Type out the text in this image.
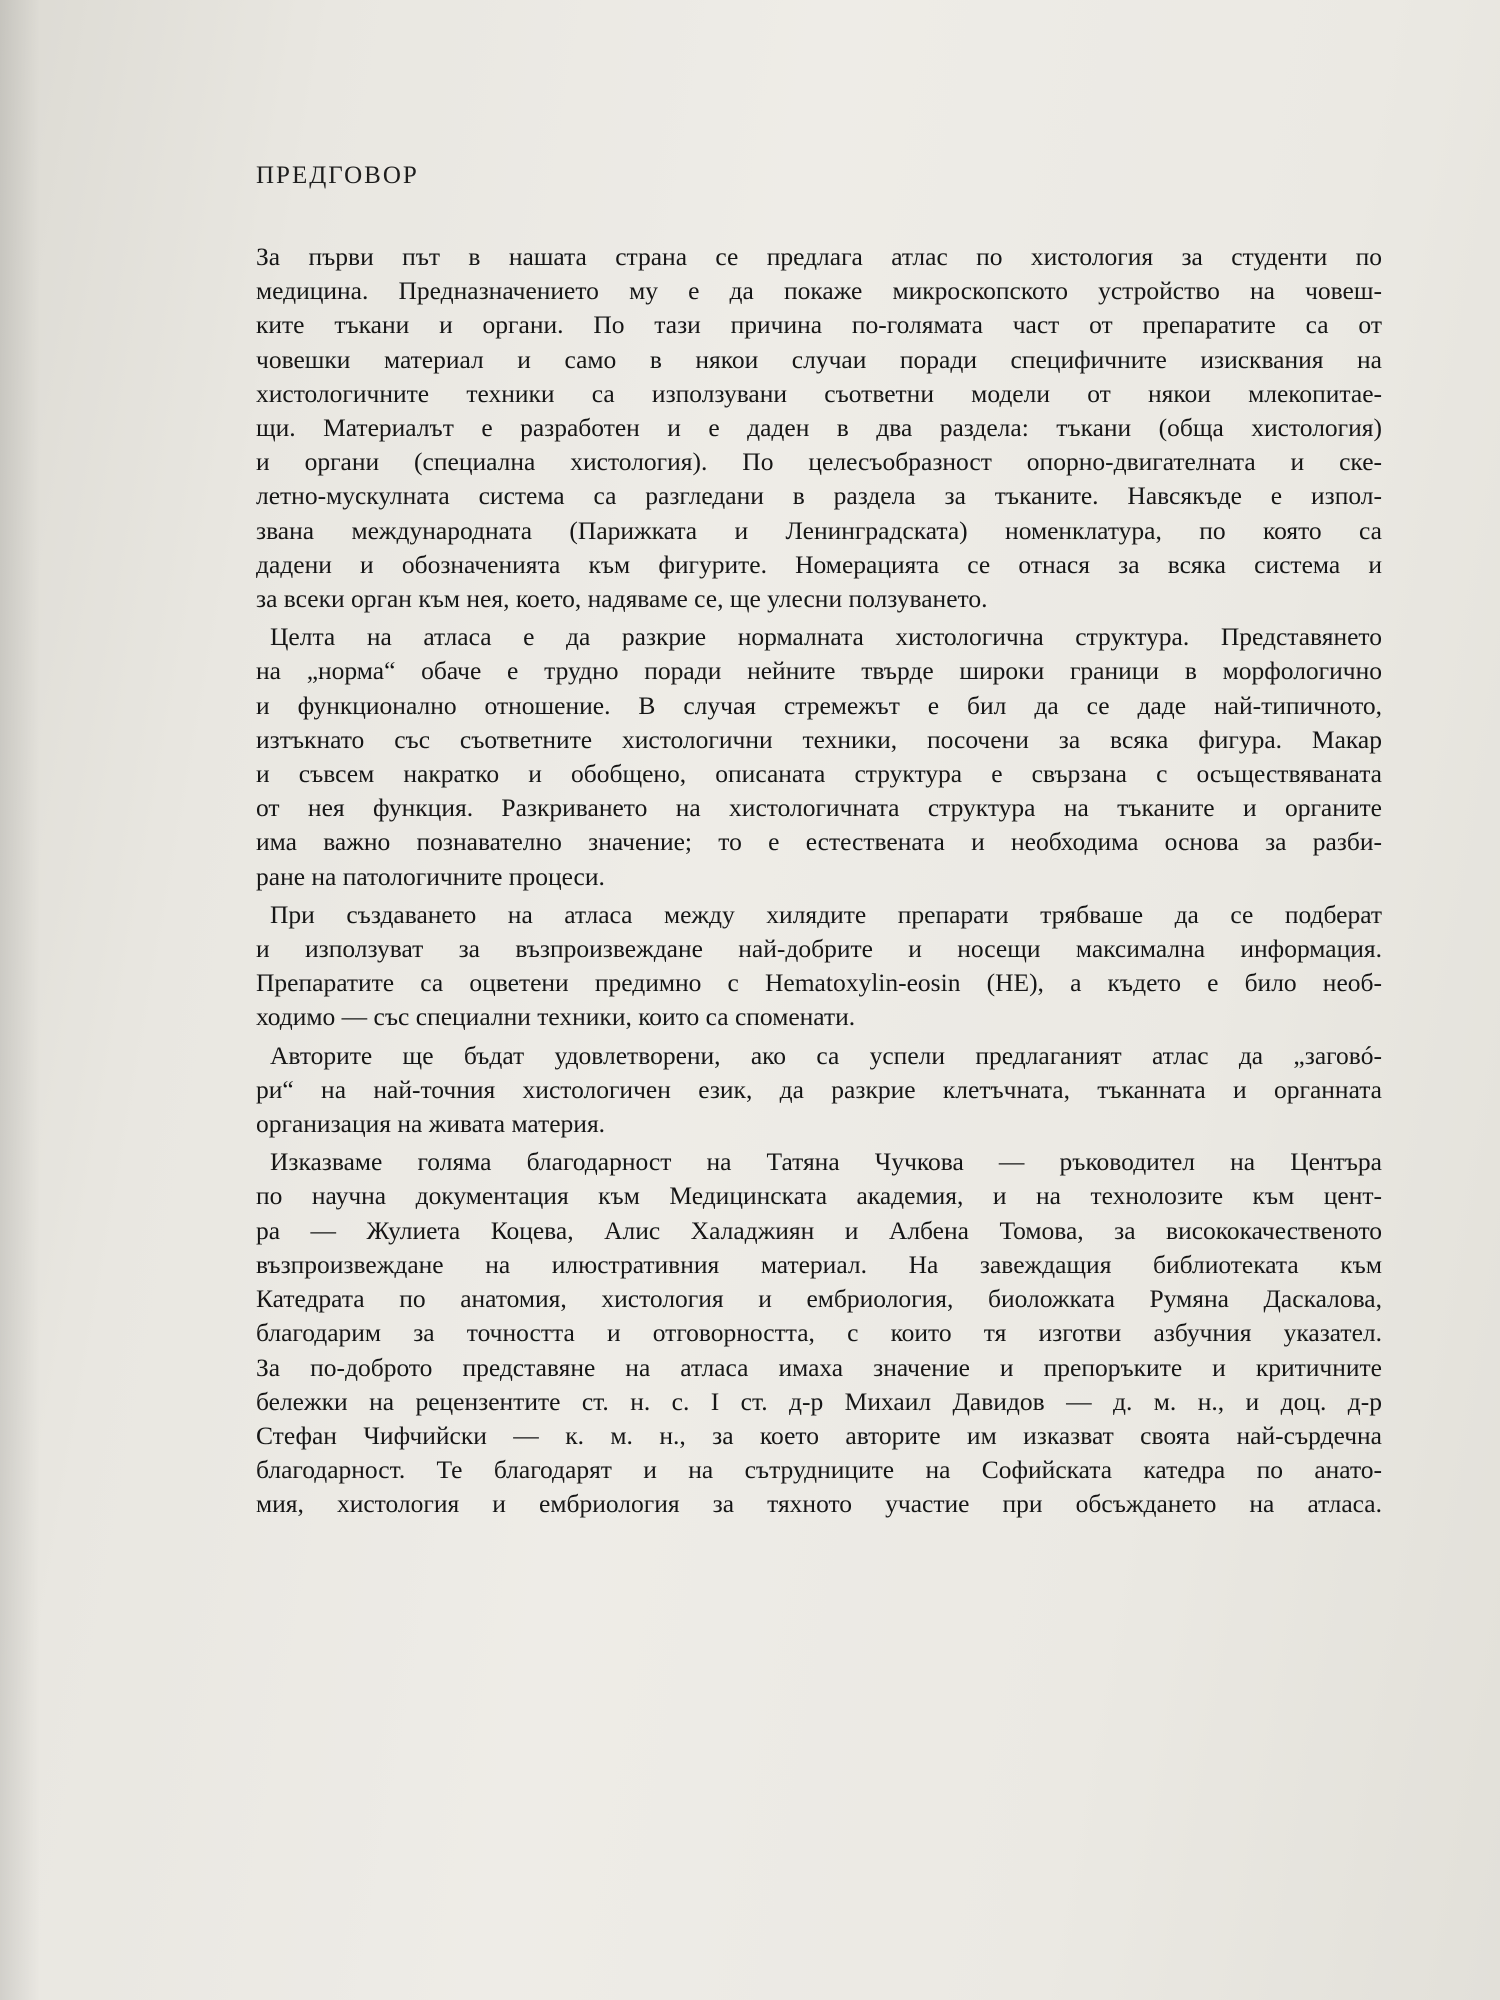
ПРЕДГОВОР

За първи път в нашата страна се предлага атлас по хистология за студенти по
медицина. Предназначението му е да покаже микроскопското устройство на човеш-
ките тъкани и органи. По тази причина по-голямата част от препаратите са от
човешки материал и само в някои случаи поради специфичните изисквания на
хистологичните техники са използувани съответни модели от някои млекопитае-
щи. Материалът е разработен и е даден в два раздела: тъкани (обща хистология)
и органи (специална хистология). По целесъобразност опорно-двигателната и ске-
летно-мускулната система са разгледани в раздела за тъканите. Навсякъде е изпол-
звана международната (Парижката и Ленинградската) номенклатура, по която са
дадени и обозначенията към фигурите. Номерацията се отнася за всяка система и
за всеки орган към нея, което, надяваме се, ще улесни ползуването.

Целта на атласа е да разкрие нормалната хистологична структура. Представянето
на „норма“ обаче е трудно поради нейните твърде широки граници в морфологично
и функционално отношение. В случая стремежът е бил да се даде най-типичното,
изтъкнато със съответните хистологични техники, посочени за всяка фигура. Макар
и съвсем накратко и обобщено, описаната структура е свързана с осъществяваната
от нея функция. Разкриването на хистологичната структура на тъканите и органите
има важно познавателно значение; то е естествената и необходима основа за разби-
ране на патологичните процеси.

При създаването на атласа между хилядите препарати трябваше да се подберат
и използуват за възпроизвеждане най-добрите и носещи максимална информация.
Препаратите са оцветени предимно с Hematoxylin-eosin (HE), а където е било необ-
ходимо — със специални техники, които са споменати.

Авторите ще бъдат удовлетворени, ако са успели предлаганият атлас да „заговó-
ри“ на най-точния хистологичен език, да разкрие клетъчната, тъканната и органната
организация на живата материя.

Изказваме голяма благодарност на Татяна Чучкова — ръководител на Центъра
по научна документация към Медицинската академия, и на технолозите към цент-
ра — Жулиета Коцева, Алис Халаджиян и Албена Томова, за висококачественото
възпроизвеждане на илюстративния материал. На завеждащия библиотеката към
Катедрата по анатомия, хистология и ембриология, биоложката Румяна Даскалова,
благодарим за точността и отговорността, с които тя изготви азбучния указател.
За по-доброто представяне на атласа имаха значение и препоръките и критичните
бележки на рецензентите ст. н. с. I ст. д-р Михаил Давидов — д. м. н., и доц. д-р
Стефан Чифчийски — к. м. н., за което авторите им изказват своята най-сърдечна
благодарност. Те благодарят и на сътрудниците на Софийската катедра по анато-
мия, хистология и ембриология за тяхното участие при обсъждането на атласа.
